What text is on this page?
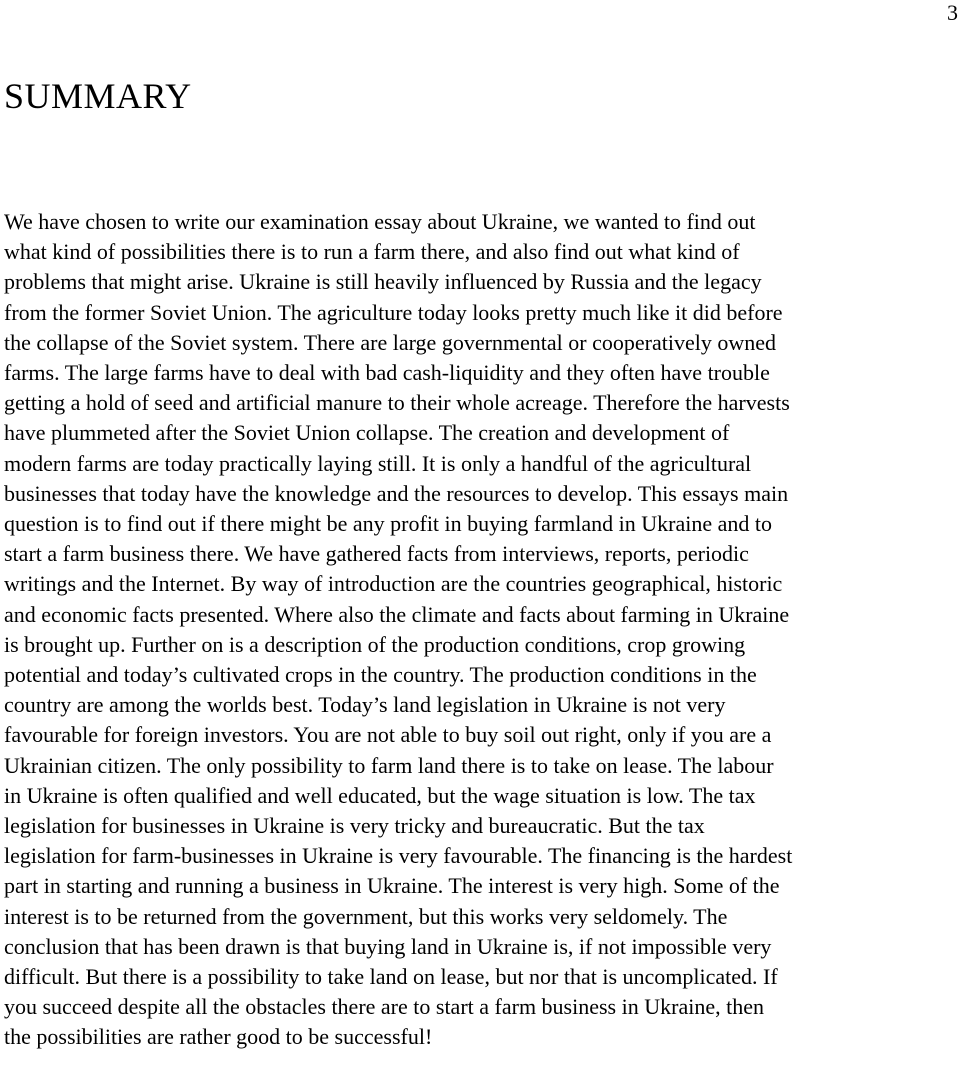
3
SUMMARY

We have chosen to write our examination essay about Ukraine, we wanted to find out
what kind of possibilities there is to run a farm there, and also find out what kind of
problems that might arise. Ukraine is still heavily influenced by Russia and the legacy
from the former Soviet Union. The agriculture today looks pretty much like it did before
the collapse of the Soviet system. There are large governmental or cooperatively owned
farms. The large farms have to deal with bad cash-liquidity and they often have trouble
getting a hold of seed and artificial manure to their whole acreage. Therefore the harvests
have plummeted after the Soviet Union collapse. The creation and development of
modern farms are today practically laying still. It is only a handful of the agricultural
businesses that today have the knowledge and the resources to develop. This essays main
question is to find out if there might be any profit in buying farmland in Ukraine and to
start a farm business there. We have gathered facts from interviews, reports, periodic
writings and the Internet. By way of introduction are the countries geographical, historic
and economic facts presented. Where also the climate and facts about farming in Ukraine
is brought up. Further on is a description of the production conditions, crop growing
potential and today’s cultivated crops in the country. The production conditions in the
country are among the worlds best. Today’s land legislation in Ukraine is not very
favourable for foreign investors. You are not able to buy soil out right, only if you are a
Ukrainian citizen. The only possibility to farm land there is to take on lease. The labour
in Ukraine is often qualified and well educated, but the wage situation is low. The tax
legislation for businesses in Ukraine is very tricky and bureaucratic. But the tax
legislation for farm-businesses in Ukraine is very favourable. The financing is the hardest
part in starting and running a business in Ukraine. The interest is very high. Some of the
interest is to be returned from the government, but this works very seldomely. The
conclusion that has been drawn is that buying land in Ukraine is, if not impossible very
difficult. But there is a possibility to take land on lease, but nor that is uncomplicated. If
you succeed despite all the obstacles there are to start a farm business in Ukraine, then
the possibilities are rather good to be successful!
